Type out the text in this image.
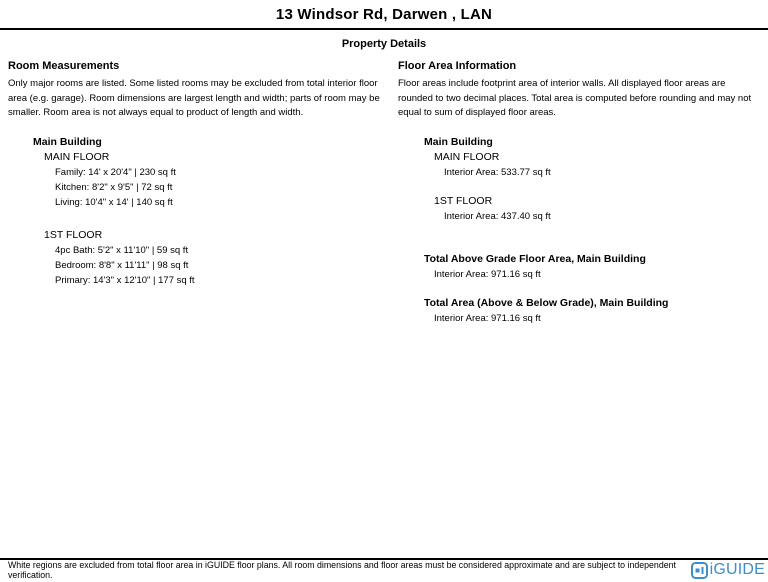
13 Windsor Rd, Darwen , LAN
Property Details
Room Measurements

Only major rooms are listed. Some listed rooms may be excluded from total interior floor area (e.g. garage). Room dimensions are largest length and width; parts of room may be smaller. Room area is not always equal to product of length and width.

Main Building
MAIN FLOOR
Family: 14' x 20'4" | 230 sq ft
Kitchen: 8'2" x 9'5" | 72 sq ft
Living: 10'4" x 14' | 140 sq ft
1ST FLOOR
4pc Bath: 5'2" x 11'10" | 59 sq ft
Bedroom: 8'8" x 11'11" | 98 sq ft
Primary: 14'3" x 12'10" | 177 sq ft
Floor Area Information

Floor areas include footprint area of interior walls. All displayed floor areas are rounded to two decimal places. Total area is computed before rounding and may not equal to sum of displayed floor areas.

Main Building
MAIN FLOOR
Interior Area: 533.77 sq ft
1ST FLOOR
Interior Area: 437.40 sq ft
Total Above Grade Floor Area, Main Building
Interior Area: 971.16 sq ft
Total Area (Above & Below Grade), Main Building
Interior Area: 971.16 sq ft
White regions are excluded from total floor area in iGUIDE floor plans. All room dimensions and floor areas must be considered approximate and are subject to independent verification.	iGUIDE
